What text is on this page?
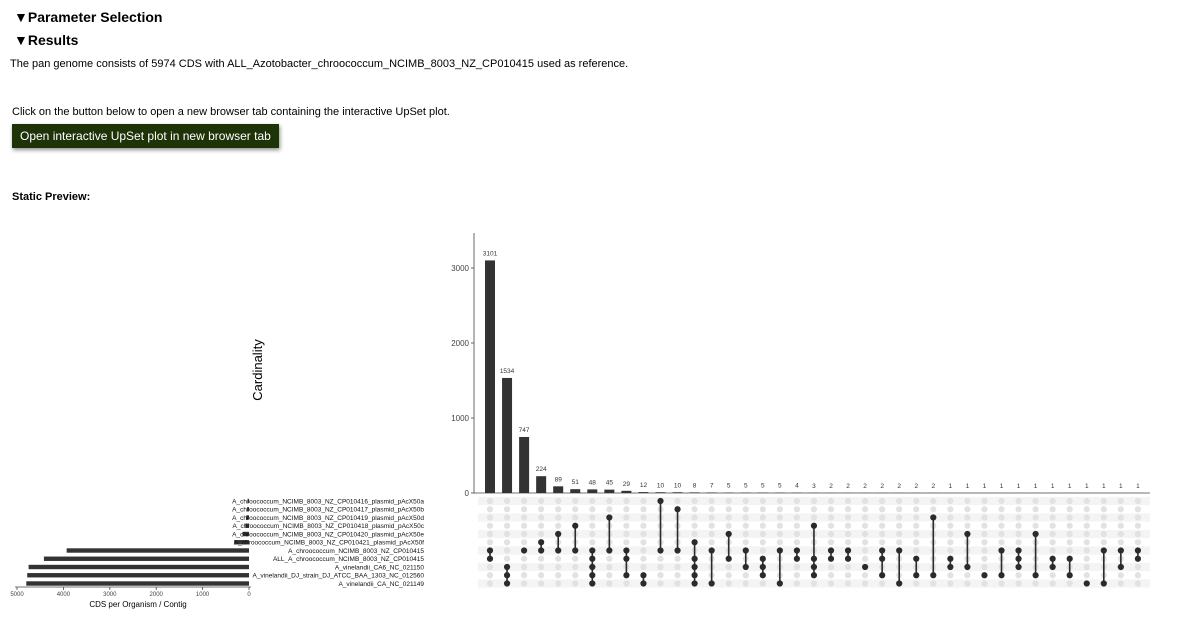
▼Parameter Selection
▼Results
The pan genome consists of 5974 CDS with ALL_Azotobacter_chroococcum_NCIMB_8003_NZ_CP010415 used as reference.
Click on the button below to open a new browser tab containing the interactive UpSet plot.
Open interactive UpSet plot in new browser tab
Static Preview:
0
1000
2000
3000
Cardinality
3101
1534
747
224
89 51 48 45 29 12 10 10 8 7 5 5 5 5 4 3 2 2 2 2 2 2 2 1 1 1 1 1 1 1 1 1 1 1 1
5000	4000	3000	2000	1000	0
CDS per Organism / Contig
A_chroococcum_NCIMB_8003_NZ_CP010416_plasmid_pAcX50a
A_chroococcum_NCIMB_8003_NZ_CP010417_plasmid_pAcX50b
A_chroococcum_NCIMB_8003_NZ_CP010419_plasmid_pAcX50d
A_chroococcum_NCIMB_8003_NZ_CP010418_plasmid_pAcX50c
A_chroococcum_NCIMB_8003_NZ_CP010420_plasmid_pAcX50e
A_chroococcum_NCIMB_8003_NZ_CP010421_plasmid_pAcX50f
A_chroococcum_NCIMB_8003_NZ_CP010415
ALL_A_chroococcum_NCIMB_8003_NZ_CP010415
A_vinelandii_CA6_NC_021150
A_vinelandii_DJ_strain_DJ_ATCC_BAA_1303_NC_012560
A_vinelandii_CA_NC_021149
